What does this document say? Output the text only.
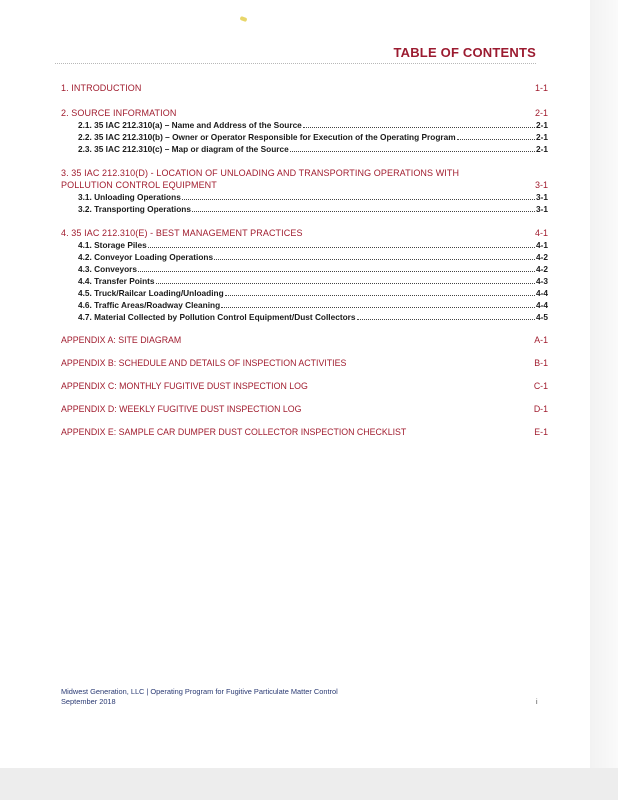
TABLE OF CONTENTS
1. INTRODUCTION	1-1
2. SOURCE INFORMATION	2-1
2.1. 35 IAC 212.310(a) – Name and Address of the Source	2-1
2.2. 35 IAC 212.310(b) – Owner or Operator Responsible for Execution of the Operating Program	2-1
2.3. 35 IAC 212.310(c) – Map or diagram of the Source	2-1
3. 35 IAC 212.310(D) - LOCATION OF UNLOADING AND TRANSPORTING OPERATIONS WITH POLLUTION CONTROL EQUIPMENT	3-1
3.1. Unloading Operations	3-1
3.2. Transporting Operations	3-1
4. 35 IAC 212.310(E) - BEST MANAGEMENT PRACTICES	4-1
4.1. Storage Piles	4-1
4.2. Conveyor Loading Operations	4-2
4.3. Conveyors	4-2
4.4. Transfer Points	4-3
4.5. Truck/Railcar Loading/Unloading	4-4
4.6. Traffic Areas/Roadway Cleaning	4-4
4.7. Material Collected by Pollution Control Equipment/Dust Collectors	4-5
APPENDIX A: SITE DIAGRAM	A-1
APPENDIX B: SCHEDULE AND DETAILS OF INSPECTION ACTIVITIES	B-1
APPENDIX C: MONTHLY FUGITIVE DUST INSPECTION LOG	C-1
APPENDIX D: WEEKLY FUGITIVE DUST INSPECTION LOG	D-1
APPENDIX E: SAMPLE CAR DUMPER DUST COLLECTOR INSPECTION CHECKLIST	E-1
Midwest Generation, LLC | Operating Program for Fugitive Particulate Matter Control
September 2018	i
